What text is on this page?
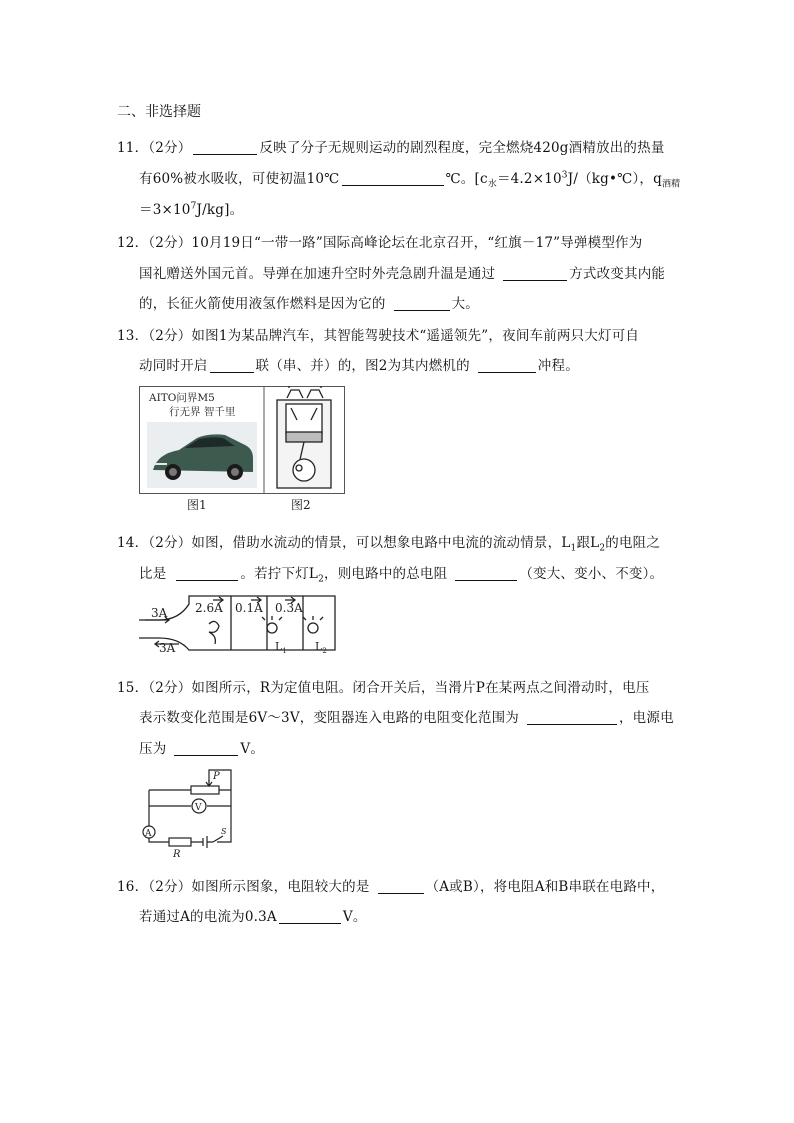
二、非选择题
11．（2分）	反映了分子无规则运动的剧烈程度，完全燃烧420g酒精放出的热量
有60%被水吸收，可使初温10℃	℃。[$c_水=4.2\times 10^3J/(kg•℃)$，$q_{酒精}$
$=3\times 10^7J/kg$]。
12．（2分）10月19日“一带一路”国际高峰论坛在北京召开，“红旗－17”导弹模型作为
国礼赠送外国元首。导弹在加速升空时外壳急剧升温是通过	方式改变其内能
的，长征火箭使用液氢作燃料是因为它的	大。
13．（2分）如图1为某品牌汽车，其智能驾驶技术“遥遥领先”，夜间车前两只大灯可自
动同时开启	联（串、并）的，图2为其内燃机的	冲程。
AITO问界M5
行无界 智千里
图1	图2
14．（2分）如图，借助水流动的情景，可以想象电路中电流的流动情景，$L_1$跟$L_2$的电阻之
比是	。若拧下灯$L_2$，则电路中的总电阻	（变大、变小、不变）。
3A
3A
2.6A 0.1A 0.3A
$L_1$	$L_2$
15．（2分）如图所示，R为定值电阻。闭合开关后，当滑片P在某两点之间滑动时，电压
表示数变化范围是6V～3V，变阻器连入电路的电阻变化范围为	，电源电
压为	V。
P
V
A
R
S
16．（2分）如图所示图象，电阻较大的是	（A或B），将电阻A和B串联在电路中，
若通过A的电流为0.3A	V。
